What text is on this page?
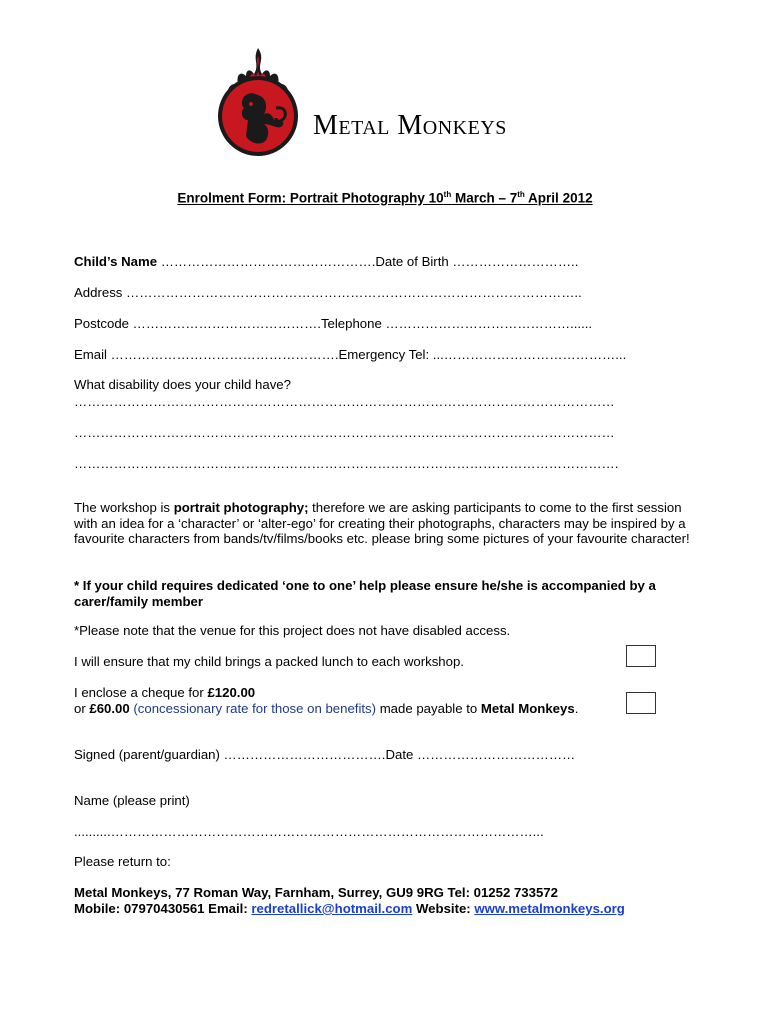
Metal Monkeys
Enrolment Form: Portrait Photography 10th March – 7th April 2012
Child’s Name ………………………………………….Date of Birth ………………………..
Address …………………………………………………………………………………………..
Postcode …………………………………….Telephone ……………………………………......
Email …………………………………………….Emergency Tel: ...…………………………………...
What disability does your child have?
……………………………………………………………………………………………………………
……………………………………………………………………………………………………………
…………………………………………………………………………………………………………….
The workshop is portrait photography; therefore we are asking participants to come to the first session with an idea for a ‘character’ or ‘alter-ego’ for creating their photographs, characters may be inspired by a favourite characters from bands/tv/films/books etc. please bring some pictures of your favourite character!
* If your child requires dedicated ‘one to one’ help please ensure he/she is accompanied by a carer/family member
*Please note that the venue for this project does not have disabled access.
I will ensure that my child brings a packed lunch to each workshop.
I enclose a cheque for £120.00
or £60.00 (concessionary rate for those on benefits) made payable to Metal Monkeys.
Signed (parent/guardian) ……………………………….Date ………………………………
Name (please print)
..........……………………………………………………………………………………...
Please return to:
Metal Monkeys, 77 Roman Way, Farnham, Surrey, GU9 9RG Tel: 01252 733572
Mobile: 07970430561 Email: redretallick@hotmail.com Website: www.metalmonkeys.org
